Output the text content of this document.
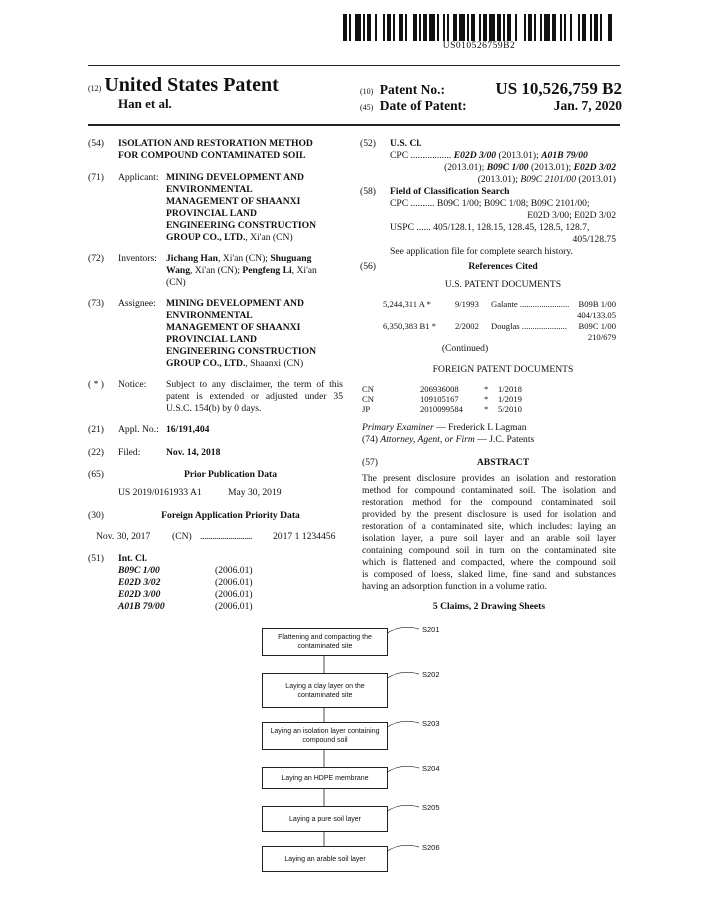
US010526759B2
(12) United States Patent
Han et al.
(10) Patent No.:	US 10,526,759 B2
(45) Date of Patent:	Jan. 7, 2020
(54) ISOLATION AND RESTORATION METHOD
FOR COMPOUND CONTAMINATED SOIL
(71) Applicant: MINING DEVELOPMENT AND
ENVIRONMENTAL
MANAGEMENT OF SHAANXI
PROVINCIAL LAND
ENGINEERING CONSTRUCTION
GROUP CO., LTD., Xi'an (CN)
(72) Inventors: Jichang Han, Xi'an (CN); Shuguang
Wang, Xi'an (CN); Pengfeng Li, Xi'an
(CN)
(73) Assignee: MINING DEVELOPMENT AND
ENVIRONMENTAL
MANAGEMENT OF SHAANXI
PROVINCIAL LAND
ENGINEERING CONSTRUCTION
GROUP CO., LTD., Shaanxi (CN)
( * ) Notice: Subject to any disclaimer, the term of this
patent is extended or adjusted under 35
U.S.C. 154(b) by 0 days.
(21) Appl. No.: 16/191,404
(22) Filed:	Nov. 14, 2018
(65)	Prior Publication Data
US 2019/0161933 A1	May 30, 2019
(30)	Foreign Application Priority Data
Nov. 30, 2017 (CN) .......................... 2017 1 1234456
(51) Int. Cl.
B09C 1/00	(2006.01)
E02D 3/02	(2006.01)
E02D 3/00	(2006.01)
A01B 79/00	(2006.01)
(52) U.S. Cl.
CPC ................. E02D 3/00 (2013.01); A01B 79/00
(2013.01); B09C 1/00 (2013.01); E02D 3/02
(2013.01); B09C 2101/00 (2013.01)
(58) Field of Classification Search
CPC .......... B09C 1/00; B09C 1/08; B09C 2101/00;
E02D 3/00; E02D 3/02
USPC ...... 405/128.1, 128.15, 128.45, 128.5, 128.7,
405/128.75
See application file for complete search history.
(56)	References Cited
U.S. PATENT DOCUMENTS
5,244,311 A *	9/1993 Galante .......................	B09B 1/00
404/133.05
6,350,383 B1 * 2/2002 Douglas .....................	B09C 1/00
210/679
(Continued)
FOREIGN PATENT DOCUMENTS
CN	206936008	* 1/2018
CN	109105167	* 1/2019
JP	2010099584 * 5/2010
Primary Examiner — Frederick L Lagman
(74) Attorney, Agent, or Firm — J.C. Patents
(57)	ABSTRACT
The present disclosure provides an isolation and restoration
method for compound contaminated soil. The isolation and
restoration method for the compound contaminated soil
provided by the present disclosure is used for isolation and
restoration of a contaminated site, which includes: laying an
isolation layer, a pure soil layer and an arable soil layer
containing compound soil in turn on the contaminated site
which is flattened and compacted, where the compound soil
is composed of loess, slaked lime, fine sand and substances
having an adsorption function in a volume ratio.
5 Claims, 2 Drawing Sheets
Flattening and compacting the
contaminated site
S201
Laying a clay layer on the
contaminated site
S202
Laying an isolation layer containing
compound soil
S203
Laying an HDPE membrane
S204
Laying a pure soil layer
S205
Laying an arable soil layer
S206
